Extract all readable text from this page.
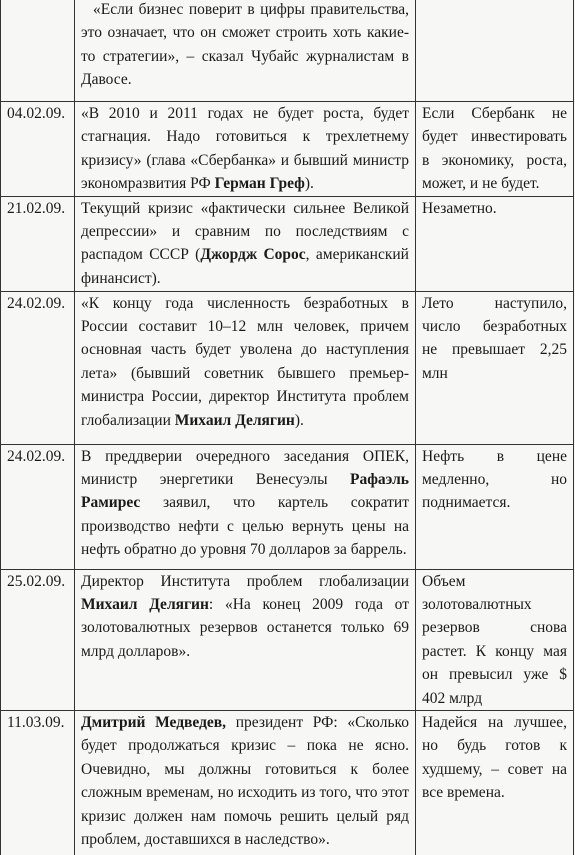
	«Если бизнес поверит в цифры правительства, это означает, что он сможет строить хоть какие-то стратегии», – сказал Чубайс журналистам в Давосе.	
04.02.09.	«В 2010 и 2011 годах не будет роста, будет стагнация. Надо готовиться к трехлетнему кризису» (глава «Сбербанка» и бывший министр экономразвития РФ Герман Греф).	Если Сбербанк не будет инвестировать в экономику, роста, может, и не будет.
21.02.09.	Текущий кризис «фактически сильнее Великой депрессии» и сравним по последствиям с распадом СССР (Джордж Сорос, американский финансист).	Незаметно.
24.02.09.	«К концу года численность безработных в России составит 10–12 млн человек, причем основная часть будет уволена до наступления лета» (бывший советник бывшего премьер-министра России, директор Института проблем глобализации Михаил Делягин).	Лето наступило, число безработных не превышает 2,25 млн
24.02.09.	В преддверии очередного заседания ОПЕК, министр энергетики Венесуэлы Рафаэль Рамирес заявил, что картель сократит производство нефти с целью вернуть цены на нефть обратно до уровня 70 долларов за баррель.	Нефть в цене медленно, но поднимается.
25.02.09.	Директор Института проблем глобализации Михаил Делягин: «На конец 2009 года от золотовалютных резервов останется только 69 млрд долларов».	Объем золотовалютных резервов снова растет. К концу мая он превысил уже $ 402 млрд
11.03.09.	Дмитрий Медведев, президент РФ: «Сколько будет продолжаться кризис – пока не ясно. Очевидно, мы должны готовиться к более сложным временам, но исходить из того, что этот кризис должен нам помочь решить целый ряд проблем, доставшихся в наследство».	Надейся на лучшее, но будь готов к худшему, – совет на все времена.
